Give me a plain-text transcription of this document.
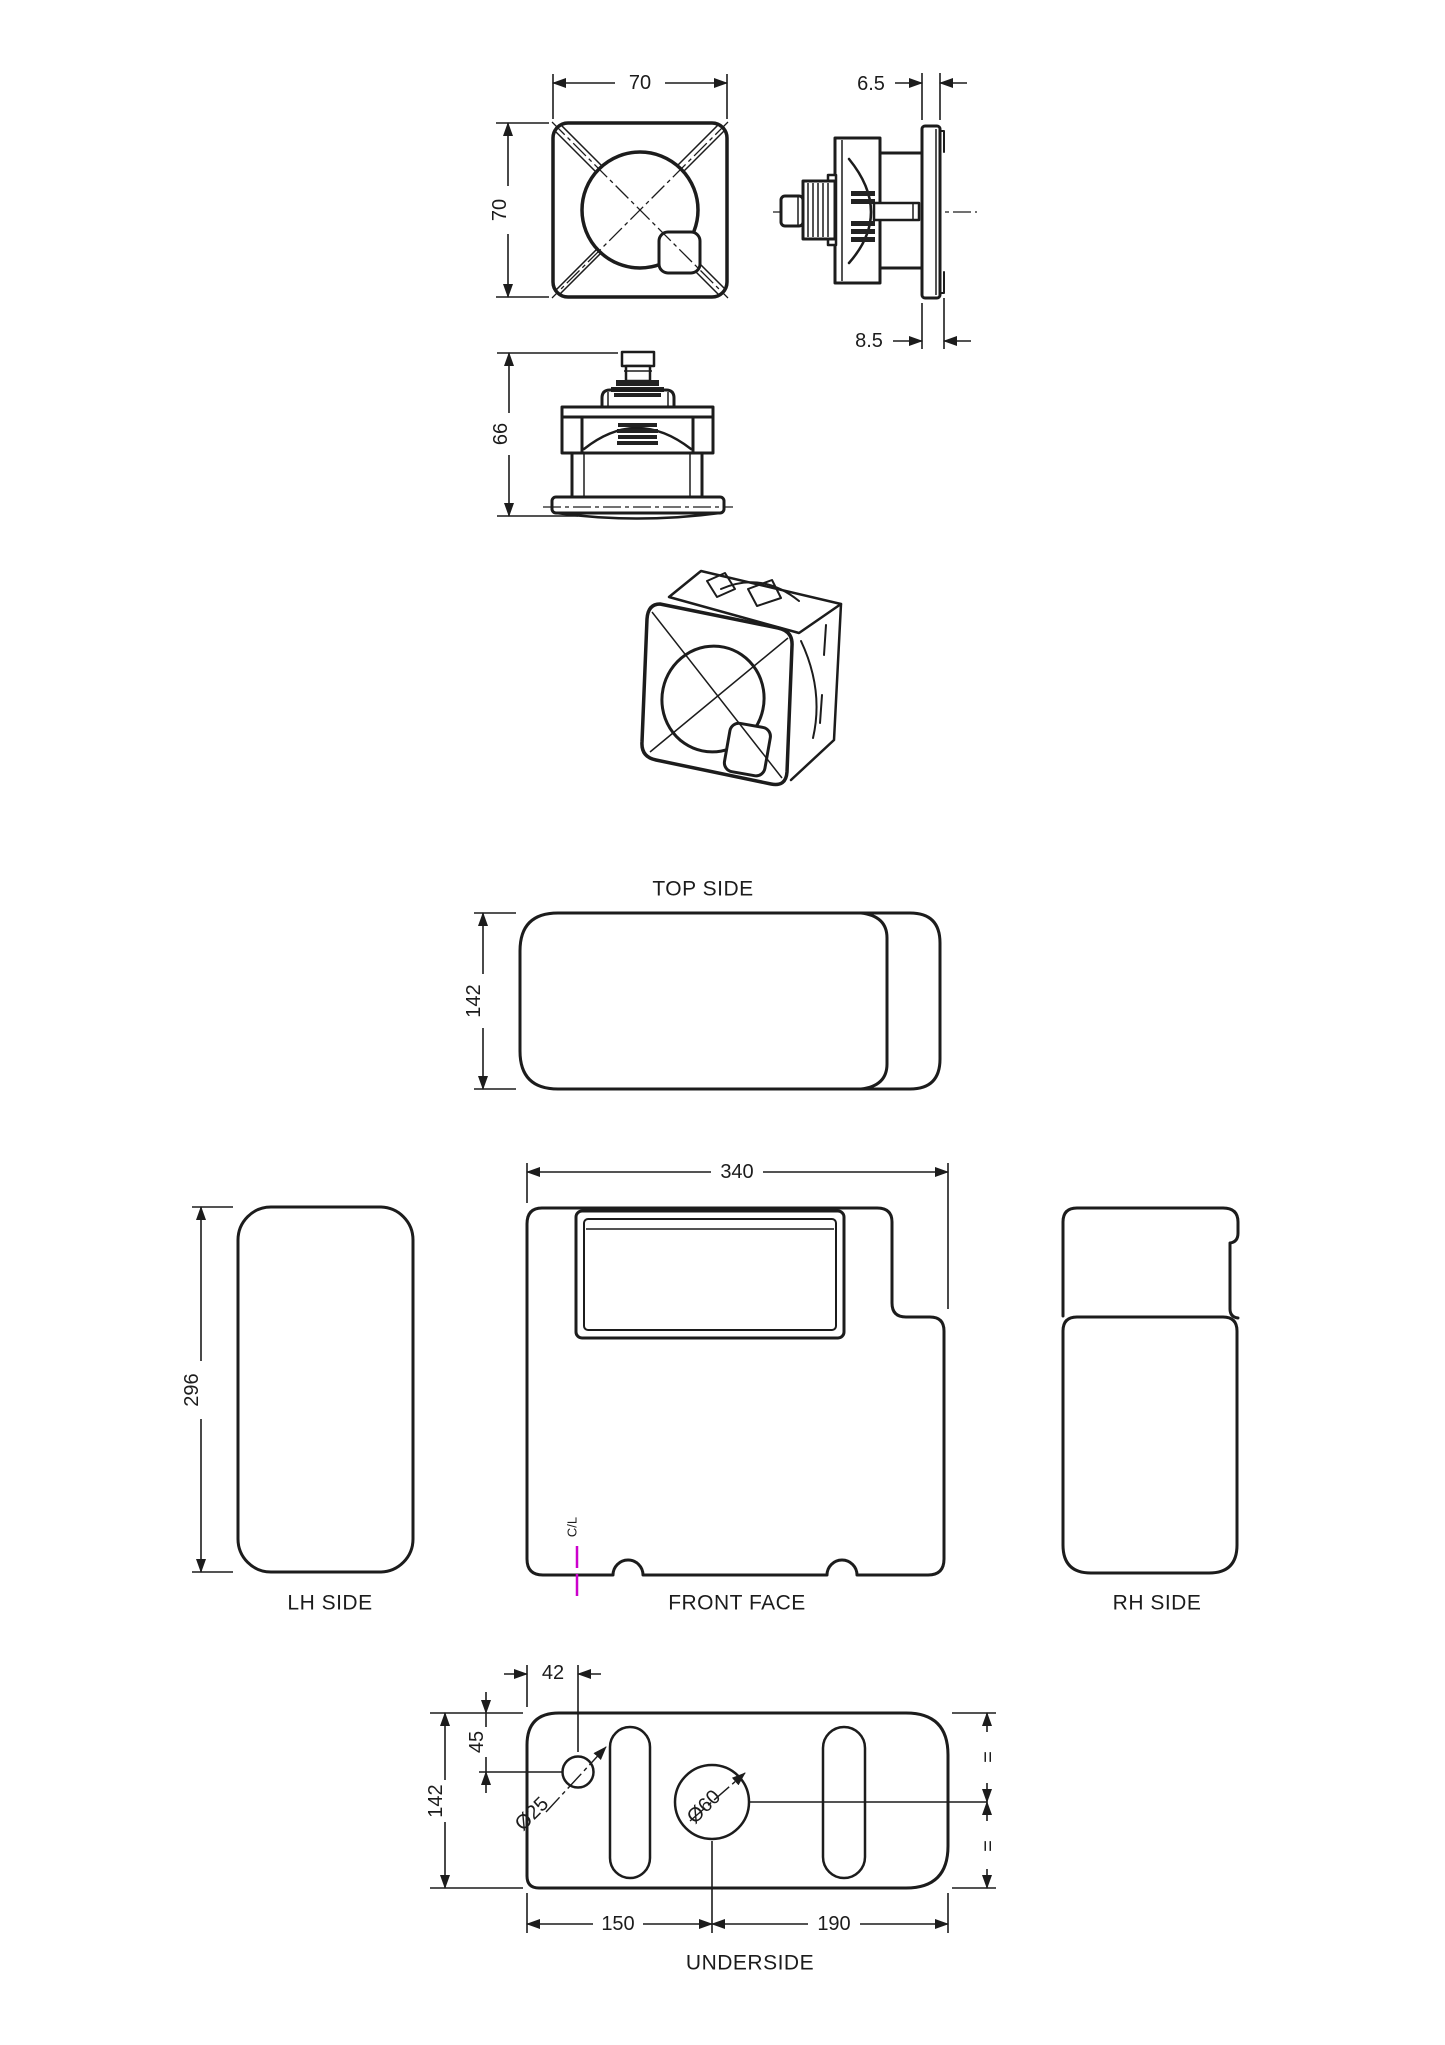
70
70
6.5
8.5
66
TOP SIDE
142
296
LH SIDE
340
C/L
FRONT FACE	RH SIDE
Ø25	Ø60
42
45
142
150	190
=
=
UNDERSIDE
